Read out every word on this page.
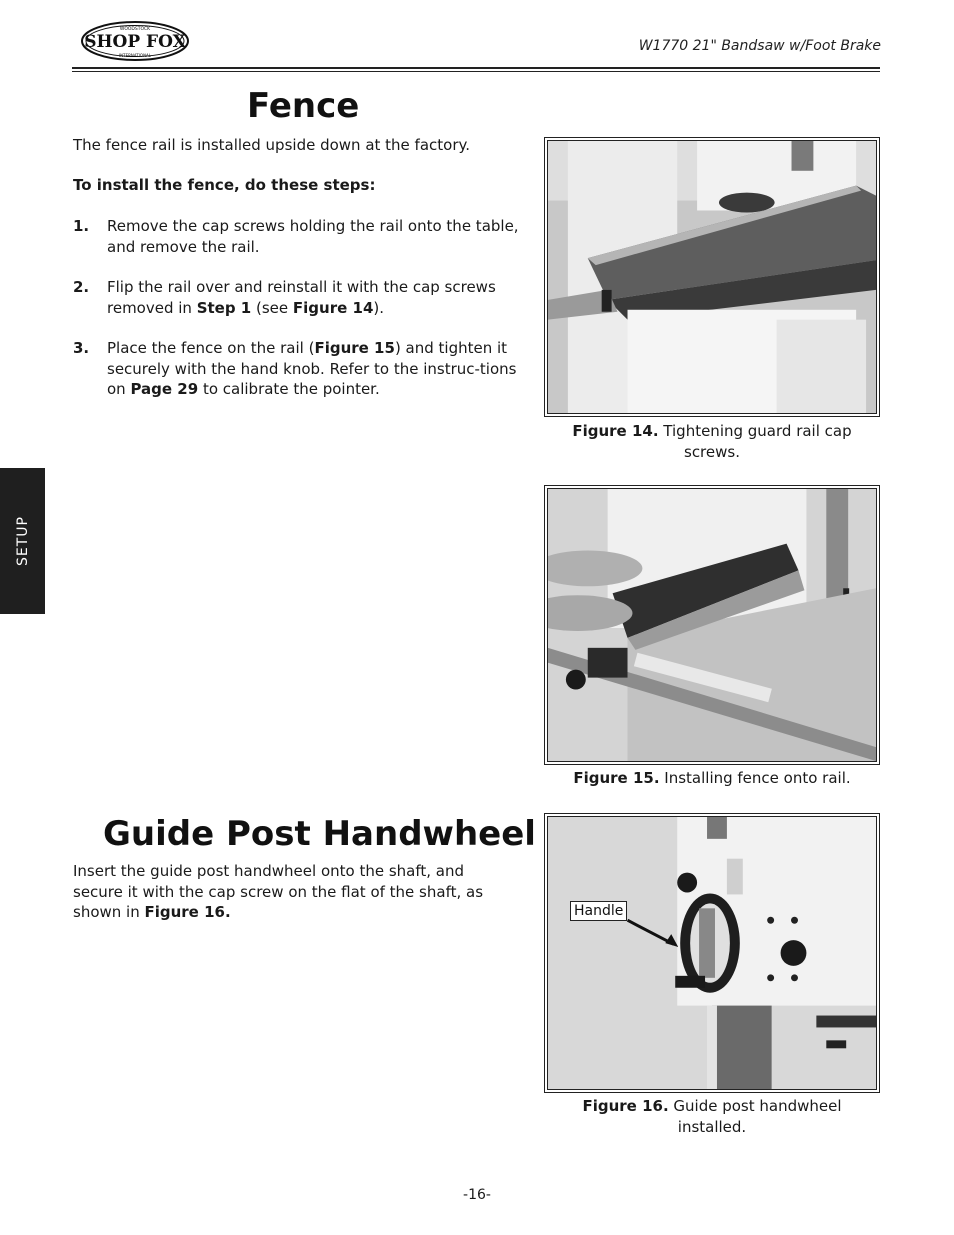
SHOP FOX
WOODSTOCK
INTERNATIONAL
W1770 21" Bandsaw w/Foot Brake
SETUP
Fence
The fence rail is installed upside down at the factory.
To install the fence, do these steps:
1. Remove the cap screws holding the rail onto the table, and remove the rail.
2. Flip the rail over and reinstall it with the cap screws removed in Step 1 (see Figure 14).
3. Place the fence on the rail (Figure 15) and tighten it securely with the hand knob. Refer to the instruc-tions on Page 29 to calibrate the pointer.
Guide Post Handwheel
Insert the guide post handwheel onto the shaft, and secure it with the cap screw on the flat of the shaft, as shown in Figure 16.
Figure 14. Tightening guard rail cap screws.
Figure 15. Installing fence onto rail.
Handle
Figure 16. Guide post handwheel installed.
-16-
